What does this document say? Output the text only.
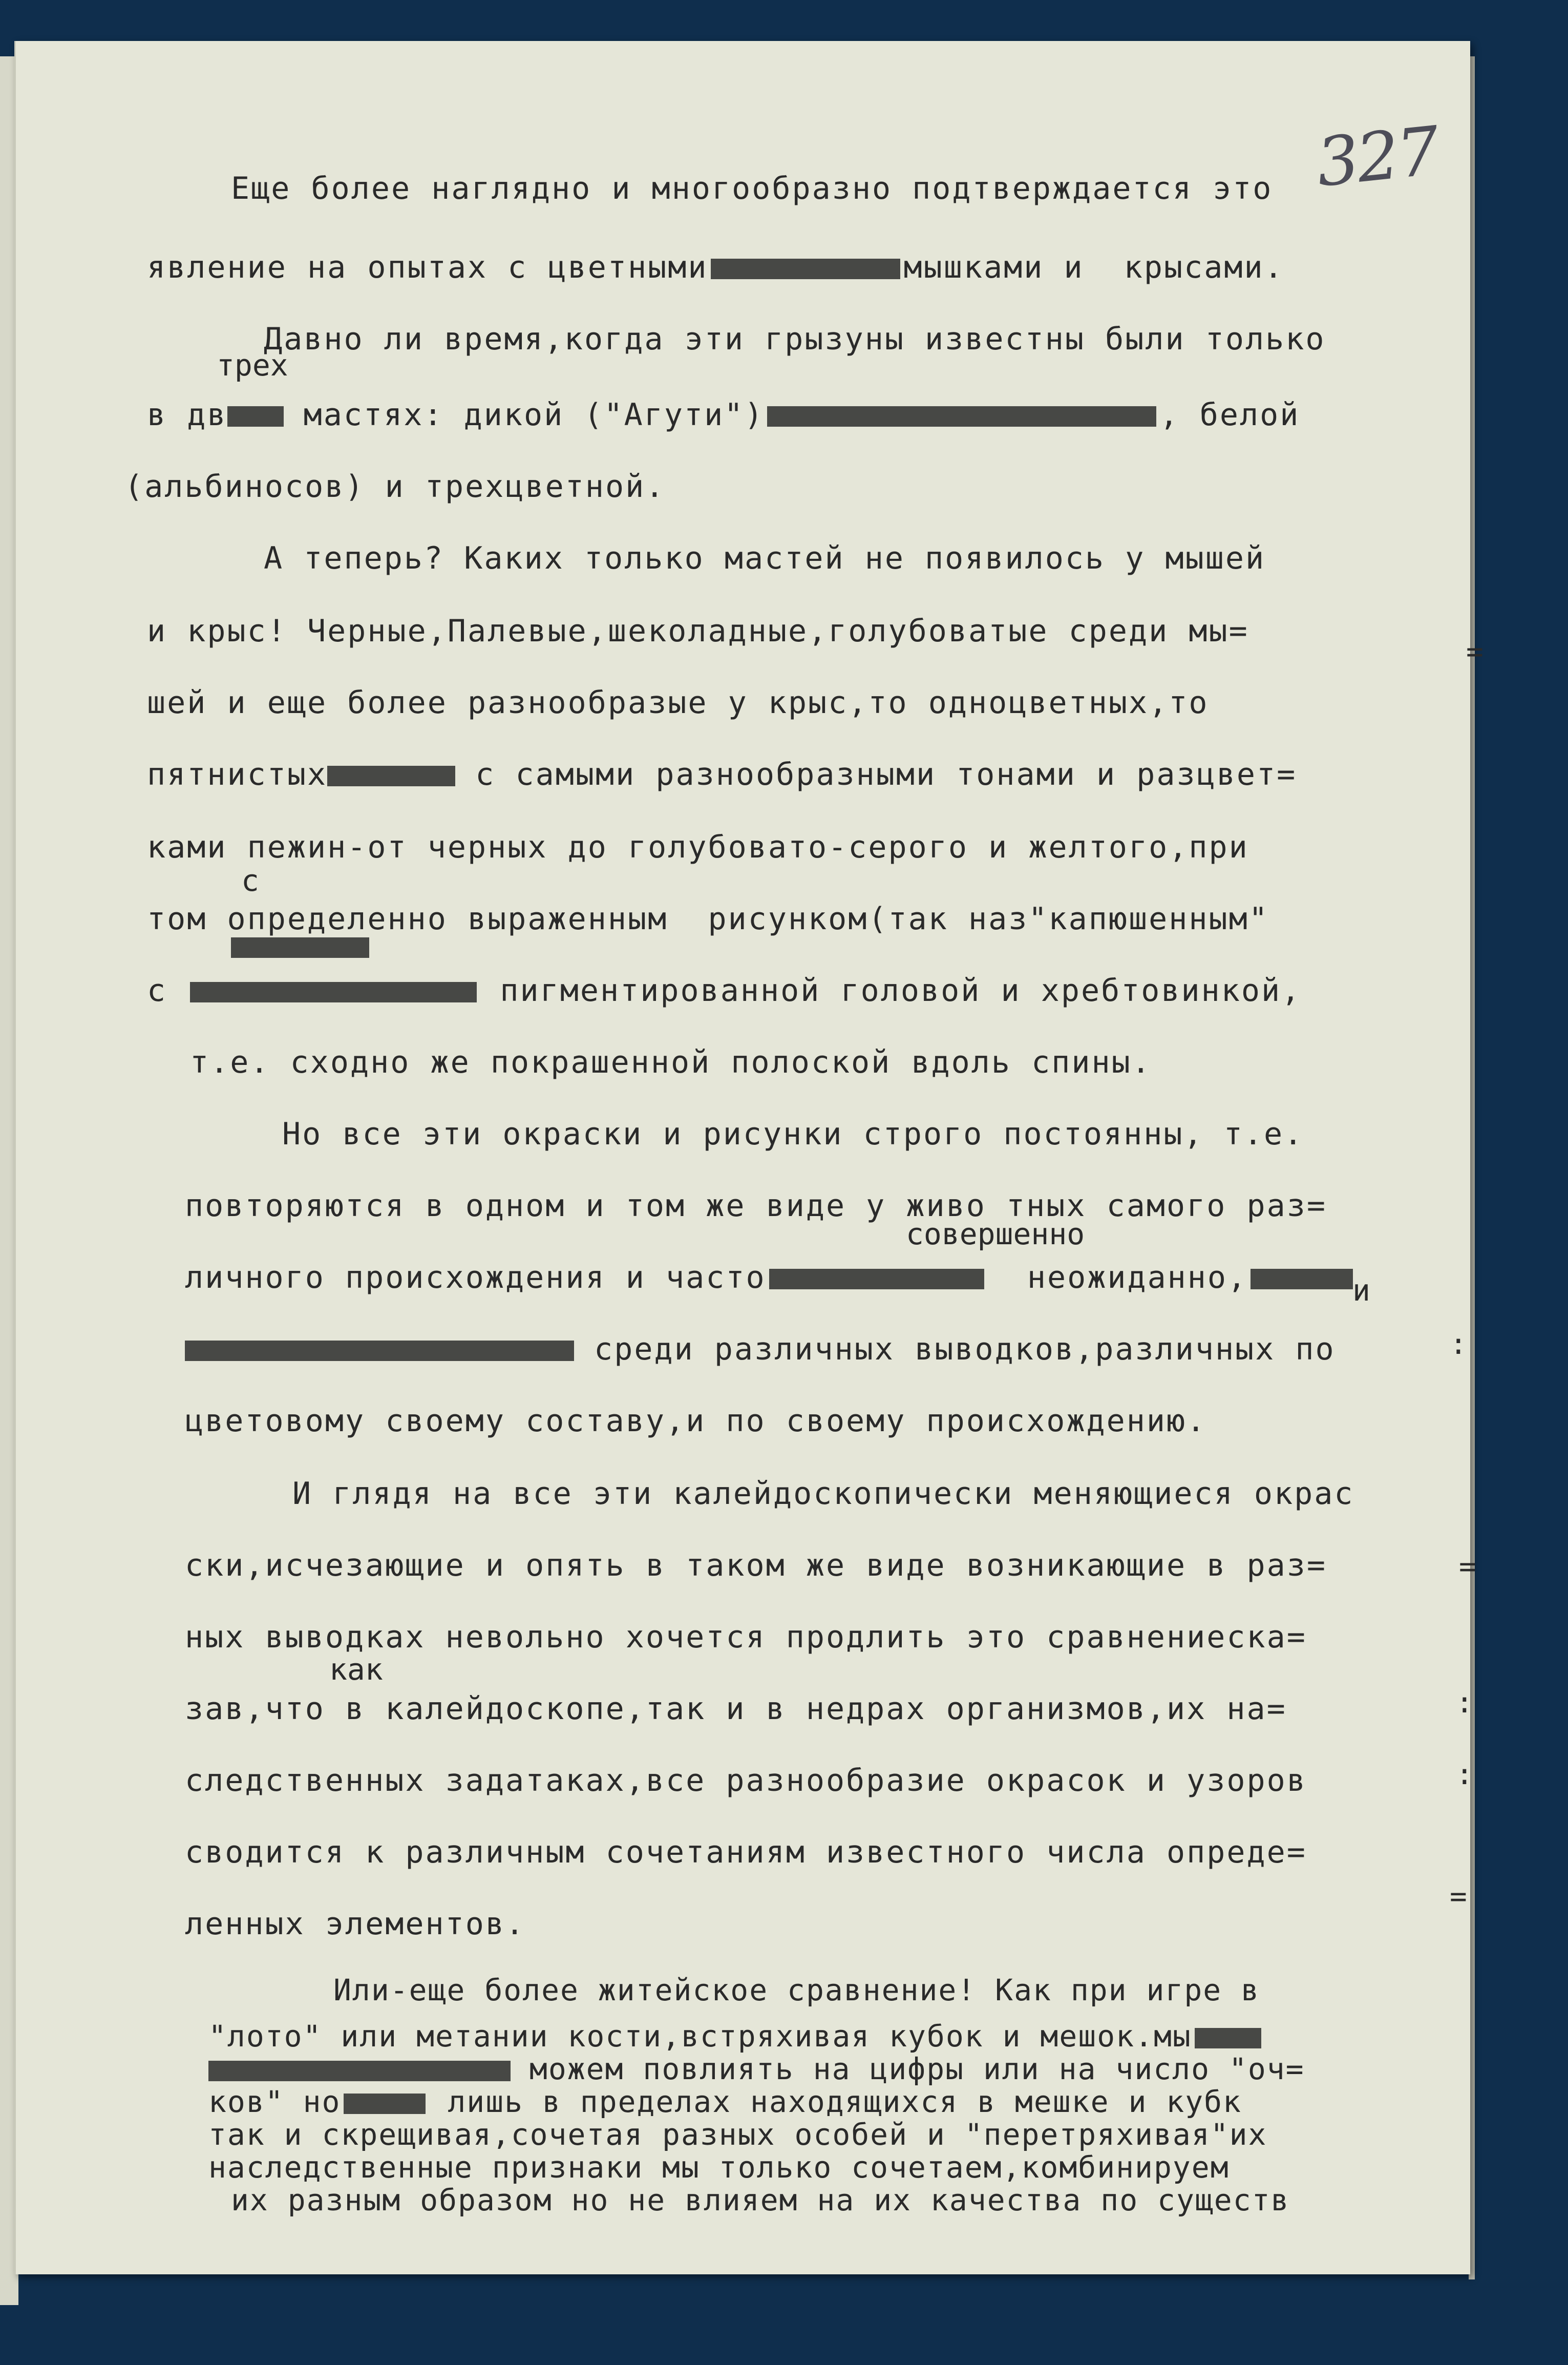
327
Еще более наглядно и многообразно подтверждается это
явление на опытах с цветными	мышками и  крысами.
Давно ли время,когда эти грызуны известны были только
трех
в дв мастях: дикой ("Агути")	, белой
(альбиносов) и трехцветной.
А теперь? Каких только мастей не появилось у мышей
и крыс! Черные,Палевые,шеколадные,голубоватые среди мы=
шей и еще более разнообразые у крыс,то одноцветных,то
пятнистых	с самыми разнообразными тонами и разцвет=
ками пежин-от черных до голубовато-серого и желтого,при
с
том определенно выраженным  рисунком(так наз"капюшенным"
с	пигментированной головой и хребтовинкой,
т.е. сходно же покрашенной полоской вдоль спины.
Но все эти окраски и рисунки строго постоянны, т.е.
повторяются в одном и том же виде у живо тных самого раз=
совершенно
личного происхождения и часто	неожиданно,	и
среди различных выводков,различных по
цветовому своему составу,и по своему происхождению.
И глядя на все эти калейдоскопически меняющиеся окрас
ски,исчезающие и опять в таком же виде возникающие в раз=
ных выводках невольно хочется продлить это сравнениеска=
как
зав,что в калейдоскопе,так и в недрах организмов,их на=
следственных задатаках,все разнообразие окрасок и узоров
сводится к различным сочетаниям известного числа опреде=
ленных элементов.
Или-еще более житейское сравнение! Как при игре в
"лото" или метании кости,встряхивая кубок и мешок.мы
можем повлиять на цифры или на число "оч=
ков" но	лишь в пределах находящихся в мешке и кубк
так и скрещивая,сочетая разных особей и "перетряхивая"их
наследственные признаки мы только сочетаем,комбинируем
их разным образом но не влияем на их качества по существ
=
:
=
:
:
=
